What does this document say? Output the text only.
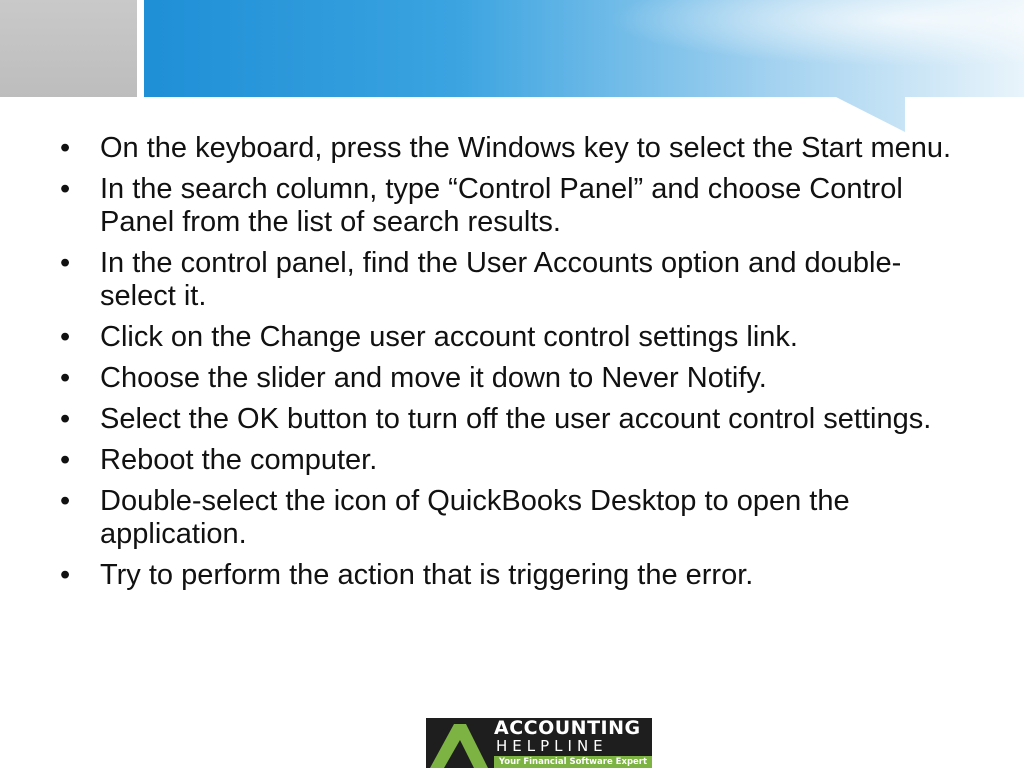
• On the keyboard, press the Windows key to select the Start menu.
• In the search column, type “Control Panel” and choose Control Panel from the list of search results.
• In the control panel, find the User Accounts option and double-select it.
• Click on the Change user account control settings link.
• Choose the slider and move it down to Never Notify.
• Select the OK button to turn off the user account control settings.
• Reboot the computer.
• Double-select the icon of QuickBooks Desktop to open the application.
• Try to perform the action that is triggering the error.
ACCOUNTING
HELPLINE
Your Financial Software Expert
